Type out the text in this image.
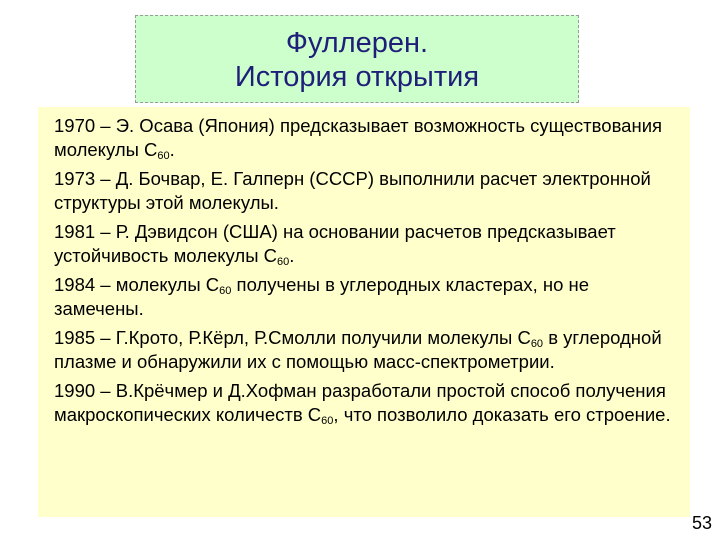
Фуллерен.
История открытия

1970 – Э. Осава (Япония) предсказывает возможность существования молекулы $С_{60}$.

1973 – Д. Бочвар, Е. Галперн (СССР) выполнили расчет электронной структуры этой молекулы.

1981 – Р. Дэвидсон (США) на основании расчетов предсказывает устойчивость молекулы $С_{60}$.

1984 – молекулы $С_{60}$ получены в углеродных кластерах, но не замечены.

1985 – Г.Крото, Р.Кёрл, Р.Смолли получили молекулы $С_{60}$ в углеродной плазме и обнаружили их с помощью масс-спектрометрии.

1990 – В.Крёчмер и Д.Хофман разработали простой способ получения макроскопических количеств $С_{60}$, что позволило доказать его строение.

53
